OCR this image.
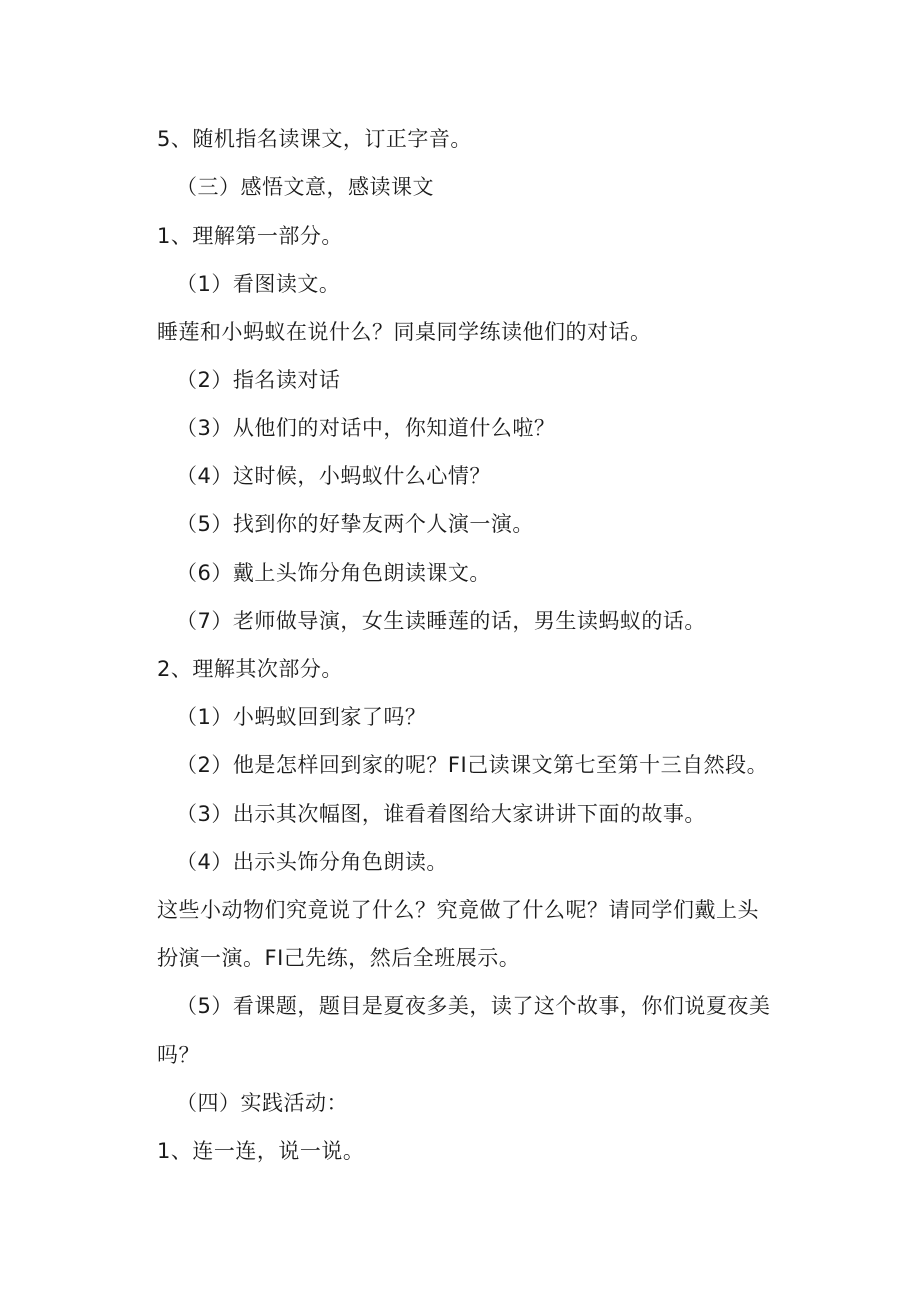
5、随机指名读课文，订正字音。
（三）感悟文意，感读课文
1、理解第一部分。
（1）看图读文。
睡莲和小蚂蚁在说什么？同桌同学练读他们的对话。
（2）指名读对话
（3）从他们的对话中，你知道什么啦？
（4）这时候，小蚂蚁什么心情？
（5）找到你的好挚友两个人演一演。
（6）戴上头饰分角色朗读课文。
（7）老师做导演，女生读睡莲的话，男生读蚂蚁的话。
2、理解其次部分。
（1）小蚂蚁回到家了吗？
（2）他是怎样回到家的呢？FI己读课文第七至第十三自然段。
（3）出示其次幅图，谁看着图给大家讲讲下面的故事。
（4）出示头饰分角色朗读。
这些小动物们究竟说了什么？究竟做了什么呢？请同学们戴上头
扮演一演。FI己先练，然后全班展示。
（5）看课题，题目是夏夜多美，读了这个故事，你们说夏夜美
吗？
（四）实践活动：
1、连一连，说一说。
